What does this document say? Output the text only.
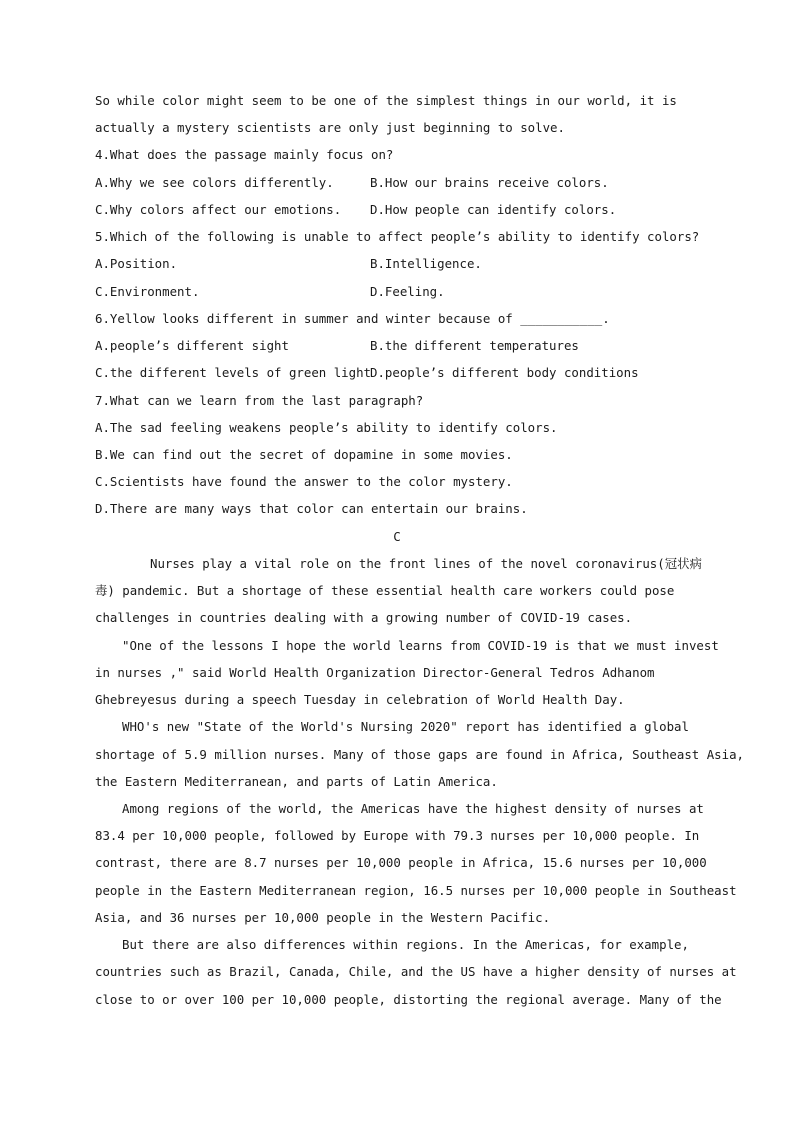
So while color might seem to be one of the simplest things in our world, it is
actually a mystery scientists are only just beginning to solve.
4.What does the passage mainly focus on?
A.Why we see colors differently.	B.How our brains receive colors.
C.Why colors affect our emotions. D.How people can identify colors.
5.Which of the following is unable to affect people’s ability to identify colors?
A.Position.	B.Intelligence.
C.Environment.	D.Feeling.
6.Yellow looks different in summer and winter because of ___________.
A.people’s different sight	B.the different temperatures
C.the different levels of green light
D.people’s different body conditions
7.What can we learn from the last paragraph?
A.The sad feeling weakens people’s ability to identify colors.
B.We can find out the secret of dopamine in some movies.
C.Scientists have found the answer to the color mystery.
D.There are many ways that color can entertain our brains.
C
Nurses play a vital role on the front lines of the novel coronavirus(冠状病
毒) pandemic. But a shortage of these essential health care workers could pose
challenges in countries dealing with a growing number of COVID-19 cases.
"One of the lessons I hope the world learns from COVID-19 is that we must invest
in nurses ," said World Health Organization Director-General Tedros Adhanom
Ghebreyesus during a speech Tuesday in celebration of World Health Day.
WHO's new "State of the World's Nursing 2020" report has identified a global
shortage of 5.9 million nurses. Many of those gaps are found in Africa, Southeast Asia,
the Eastern Mediterranean, and parts of Latin America.
Among regions of the world, the Americas have the highest density of nurses at
83.4 per 10,000 people, followed by Europe with 79.3 nurses per 10,000 people. In
contrast, there are 8.7 nurses per 10,000 people in Africa, 15.6 nurses per 10,000
people in the Eastern Mediterranean region, 16.5 nurses per 10,000 people in Southeast
Asia, and 36 nurses per 10,000 people in the Western Pacific.
But there are also differences within regions. In the Americas, for example,
countries such as Brazil, Canada, Chile, and the US have a higher density of nurses at
close to or over 100 per 10,000 people, distorting the regional average. Many of the
